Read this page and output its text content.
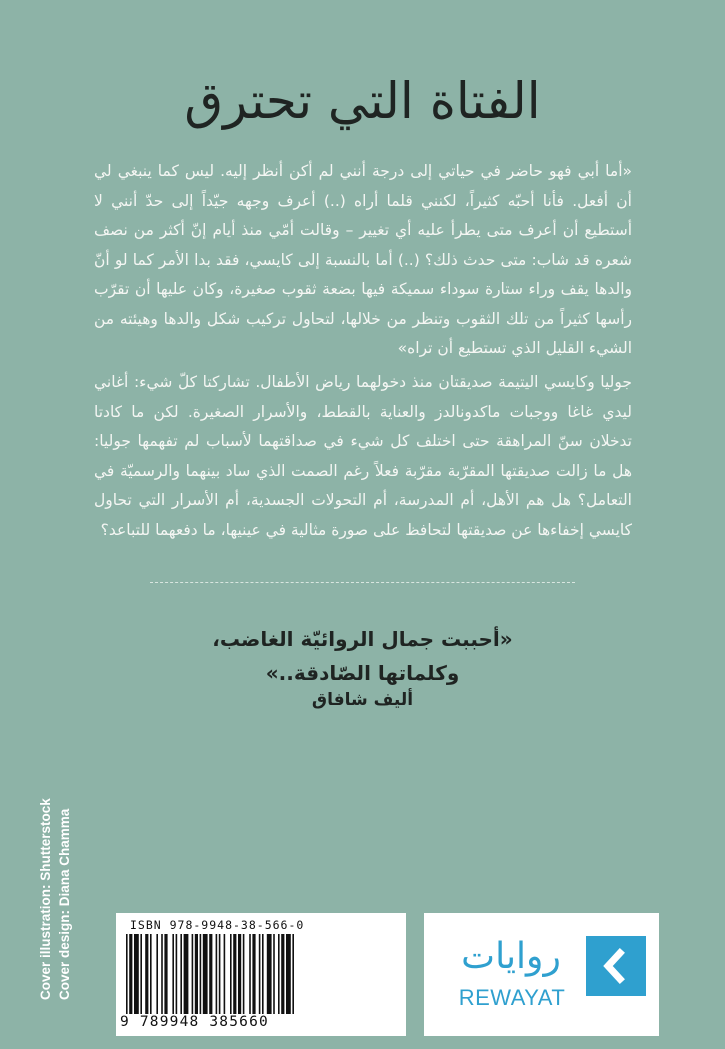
الفتاة التي تحترق
«أما أبي فهو حاضر في حياتي إلى درجة أنني لم أكن أنظر إليه. ليس كما ينبغي لي أن أفعل. فأنا أحبّه كثيراً، لكنني قلما أراه (..) أعرف وجهه جيّداً إلى حدّ أنني لا أستطيع أن أعرف متى يطرأ عليه أي تغيير – وقالت أمّي منذ أيام إنّ أكثر من نصف شعره قد شاب: متى حدث ذلك؟ (..) أما بالنسبة إلى كايسي، فقد بدا الأمر كما لو أنّ والدها يقف وراء ستارة سوداء سميكة فيها بضعة ثقوب صغيرة، وكان عليها أن تقرّب رأسها كثيراً من تلك الثقوب وتنظر من خلالها، لتحاول تركيب شكل والدها وهيئته من الشيء القليل الذي تستطيع أن تراه»
جوليا وكايسي اليتيمة صديقتان منذ دخولهما رياض الأطفال. تشاركتا كلّ شيء: أغاني ليدي غاغا ووجبات ماكدونالدز والعناية بالقطط، والأسرار الصغيرة. لكن ما كادتا تدخلان سنّ المراهقة حتى اختلف كل شيء في صداقتهما لأسباب لم تفهمها جوليا: هل ما زالت صديقتها المقرّبة مقرّبة فعلاً رغم الصمت الذي ساد بينهما والرسميّة في التعامل؟ هل هم الأهل، أم المدرسة، أم التحولات الجسدية، أم الأسرار التي تحاول كايسي إخفاءها عن صديقتها لتحافظ على صورة مثالية في عينيها، ما دفعهما للتباعد؟
«أحببت جمال الروائيّة الغاضب،
وكلماتها الصّادقة..»
أليف شافاق
Cover illustration: Shutterstock Cover design: Diana Chamma	ISBN 978-9948-38-566-0
9 789948 385660
روايات
REWAYAT
